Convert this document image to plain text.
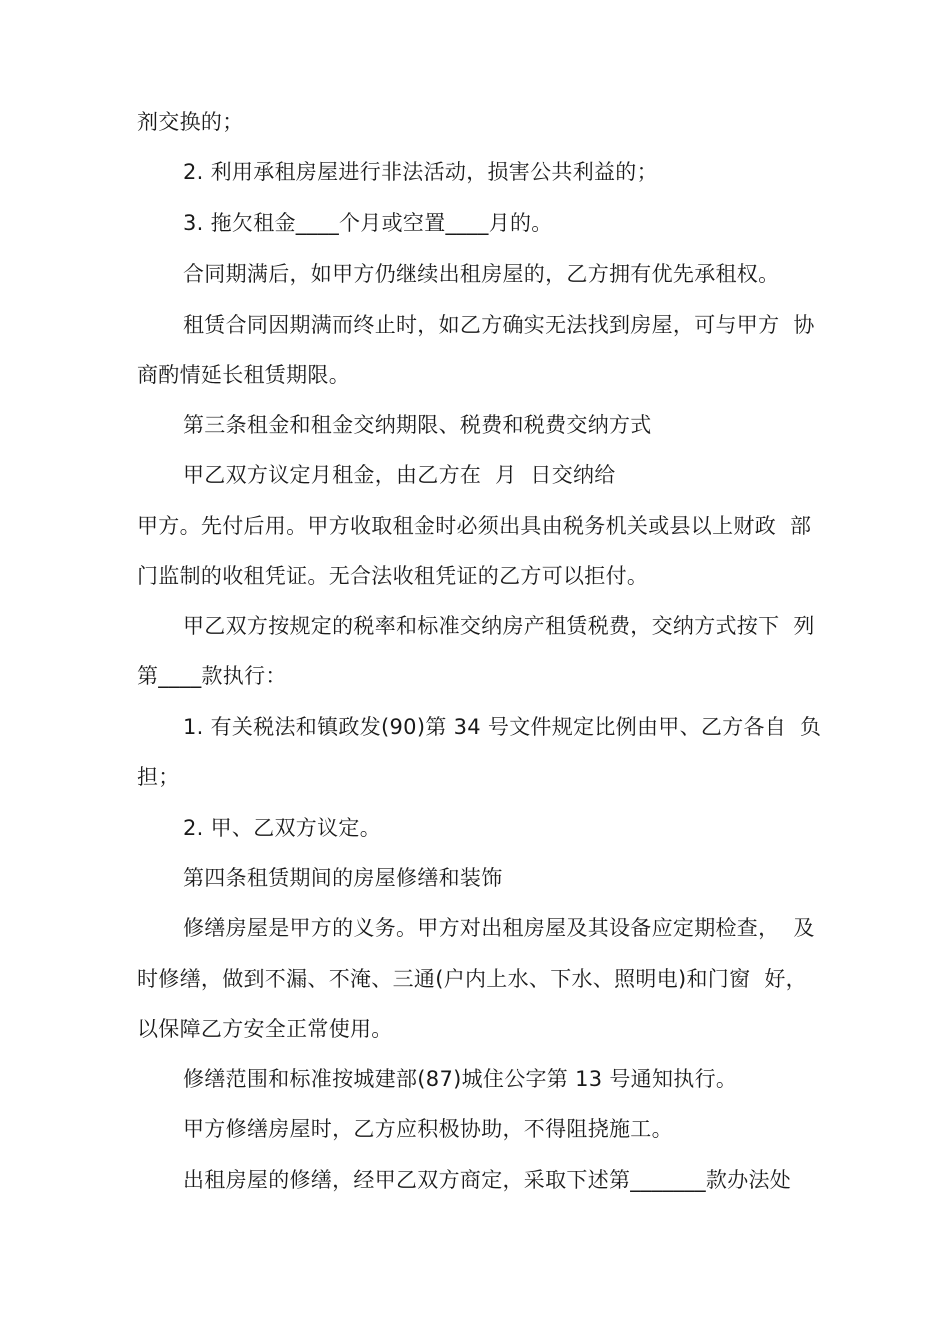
剂交换的；
2. 利用承租房屋进行非法活动，损害公共利益的；
3. 拖欠租金____个月或空置____月的。
合同期满后，如甲方仍继续出租房屋的，乙方拥有优先承租权。
租赁合同因期满而终止时，如乙方确实无法找到房屋，可与甲方  协
商酌情延长租赁期限。
第三条租金和租金交纳期限、税费和税费交纳方式
甲乙双方议定月租金，由乙方在  月  日交纳给
甲方。先付后用。甲方收取租金时必须出具由税务机关或县以上财政  部
门监制的收租凭证。无合法收租凭证的乙方可以拒付。
甲乙双方按规定的税率和标准交纳房产租赁税费，交纳方式按下  列
第____款执行：
1. 有关税法和镇政发(90)第 34 号文件规定比例由甲、乙方各自  负
担；
2. 甲、乙双方议定。
第四条租赁期间的房屋修缮和装饰
修缮房屋是甲方的义务。甲方对出租房屋及其设备应定期检查，  及
时修缮，做到不漏、不淹、三通(户内上水、下水、照明电)和门窗  好，
以保障乙方安全正常使用。
修缮范围和标准按城建部(87)城住公字第 13 号通知执行。
甲方修缮房屋时，乙方应积极协助，不得阻挠施工。
出租房屋的修缮，经甲乙双方商定，采取下述第_______款办法处
